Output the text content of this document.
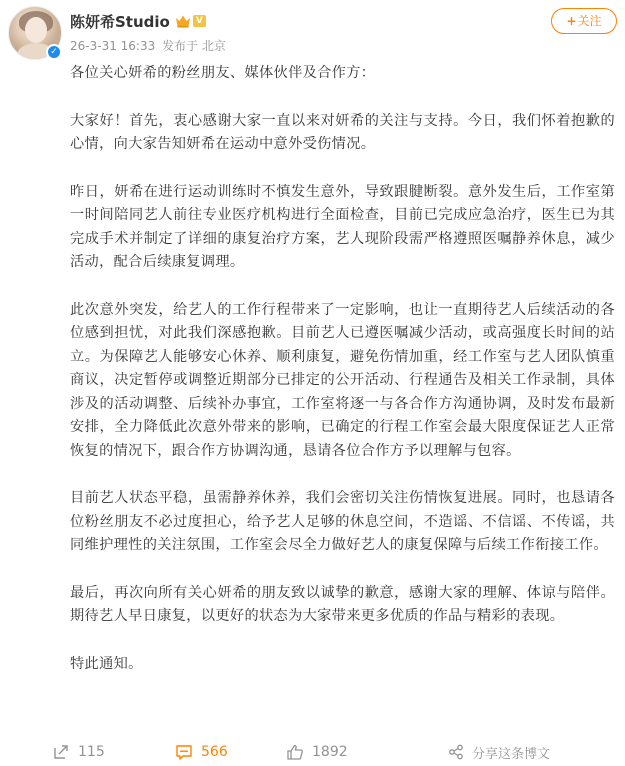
✓
陈妍希Studio	V
26-3-31 16:33 发布于 北京
+关注

各位关心妍希的粉丝朋友、媒体伙伴及合作方：

大家好！首先，衷心感谢大家一直以来对妍希的关注与支持。今日，我们怀着抱歉的心情，向大家告知妍希在运动中意外受伤情况。

昨日，妍希在进行运动训练时不慎发生意外，导致跟腱断裂。意外发生后，工作室第一时间陪同艺人前往专业医疗机构进行全面检查，目前已完成应急治疗，医生已为其完成手术并制定了详细的康复治疗方案，艺人现阶段需严格遵照医嘱静养休息，减少活动，配合后续康复调理。

此次意外突发，给艺人的工作行程带来了一定影响，也让一直期待艺人后续活动的各位感到担忧，对此我们深感抱歉。目前艺人已遵医嘱减少活动，或高强度长时间的站立。为保障艺人能够安心休养、顺利康复，避免伤情加重，经工作室与艺人团队慎重商议，决定暂停或调整近期部分已排定的公开活动、行程通告及相关工作录制，具体涉及的活动调整、后续补办事宜，工作室将逐一与各合作方沟通协调，及时发布最新安排，全力降低此次意外带来的影响，已确定的行程工作室会最大限度保证艺人正常恢复的情况下，跟合作方协调沟通，恳请各位合作方予以理解与包容。

目前艺人状态平稳，虽需静养休养，我们会密切关注伤情恢复进展。同时，也恳请各位粉丝朋友不必过度担心，给予艺人足够的休息空间，不造谣、不信谣、不传谣，共同维护理性的关注氛围，工作室会尽全力做好艺人的康复保障与后续工作衔接工作。

最后，再次向所有关心妍希的朋友致以诚挚的歉意，感谢大家的理解、体谅与陪伴。期待艺人早日康复，以更好的状态为大家带来更多优质的作品与精彩的表现。

特此通知。

115	566	1892	分享这条博文
